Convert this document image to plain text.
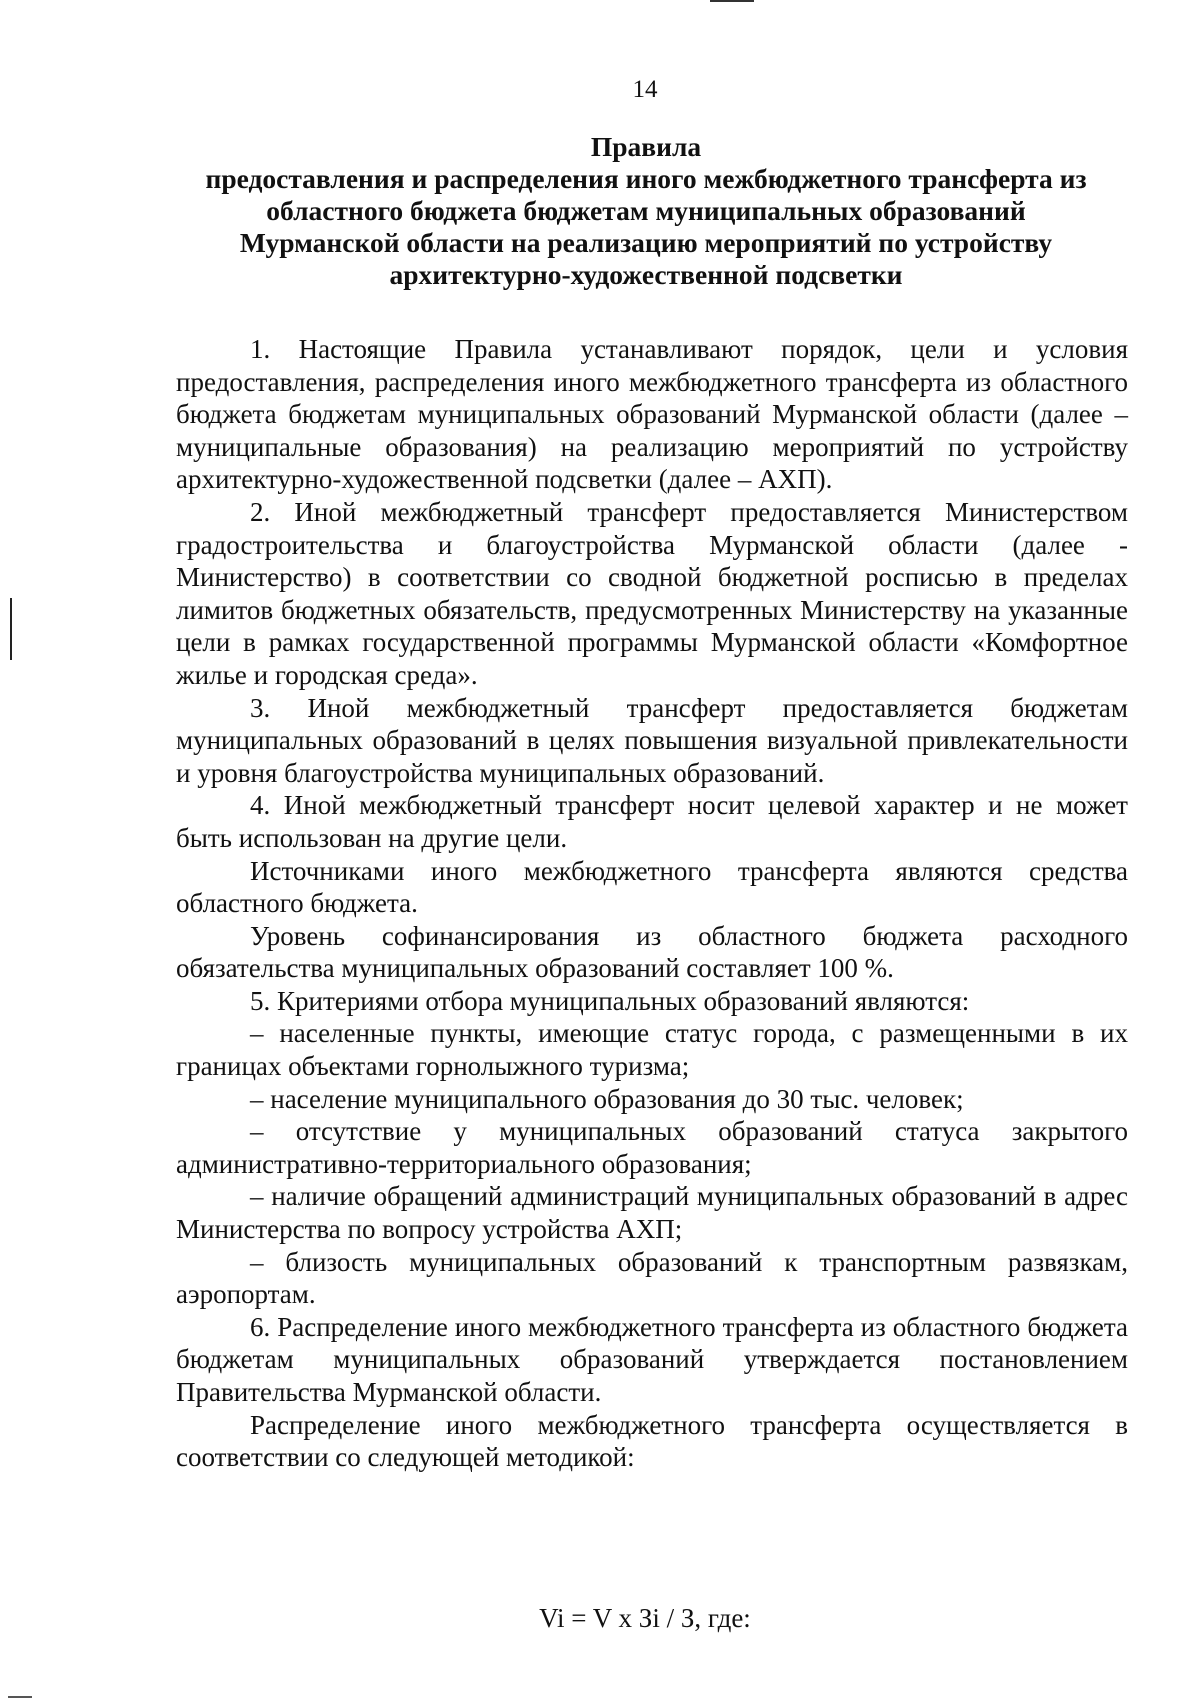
14
Правила
предоставления и распределения иного межбюджетного трансферта из
областного бюджета бюджетам муниципальных образований
Мурманской области на реализацию мероприятий по устройству
архитектурно-художественной подсветки

1. Настоящие Правила устанавливают порядок, цели и условия предоставления, распределения иного межбюджетного трансферта из областного бюджета бюджетам муниципальных образований Мурманской области (далее – муниципальные образования) на реализацию мероприятий по устройству архитектурно-художественной подсветки (далее – АХП).

2. Иной межбюджетный трансферт предоставляется Министерством градостроительства и благоустройства Мурманской области (далее - Министерство) в соответствии со сводной бюджетной росписью в пределах лимитов бюджетных обязательств, предусмотренных Министерству на указанные цели в рамках государственной программы Мурманской области «Комфортное жилье и городская среда».

3. Иной межбюджетный трансферт предоставляется бюджетам муниципальных образований в целях повышения визуальной привлекательности и уровня благоустройства муниципальных образований.

4. Иной межбюджетный трансферт носит целевой характер и не может быть использован на другие цели.

Источниками иного межбюджетного трансферта являются средства областного бюджета.

Уровень софинансирования из областного бюджета расходного обязательства муниципальных образований составляет 100 %.

5. Критериями отбора муниципальных образований являются:

– населенные пункты, имеющие статус города, с размещенными в их границах объектами горнолыжного туризма;

– население муниципального образования до 30 тыс. человек;

– отсутствие у муниципальных образований статуса закрытого административно-территориального образования;

– наличие обращений администраций муниципальных образований в адрес Министерства по вопросу устройства АХП;

– близость муниципальных образований к транспортным развязкам, аэропортам.

6. Распределение иного межбюджетного трансферта из областного бюджета бюджетам муниципальных образований утверждается постановлением Правительства Мурманской области.

Распределение иного межбюджетного трансферта осуществляется в соответствии со следующей методикой:

Vi = V x Зi / З, где:
